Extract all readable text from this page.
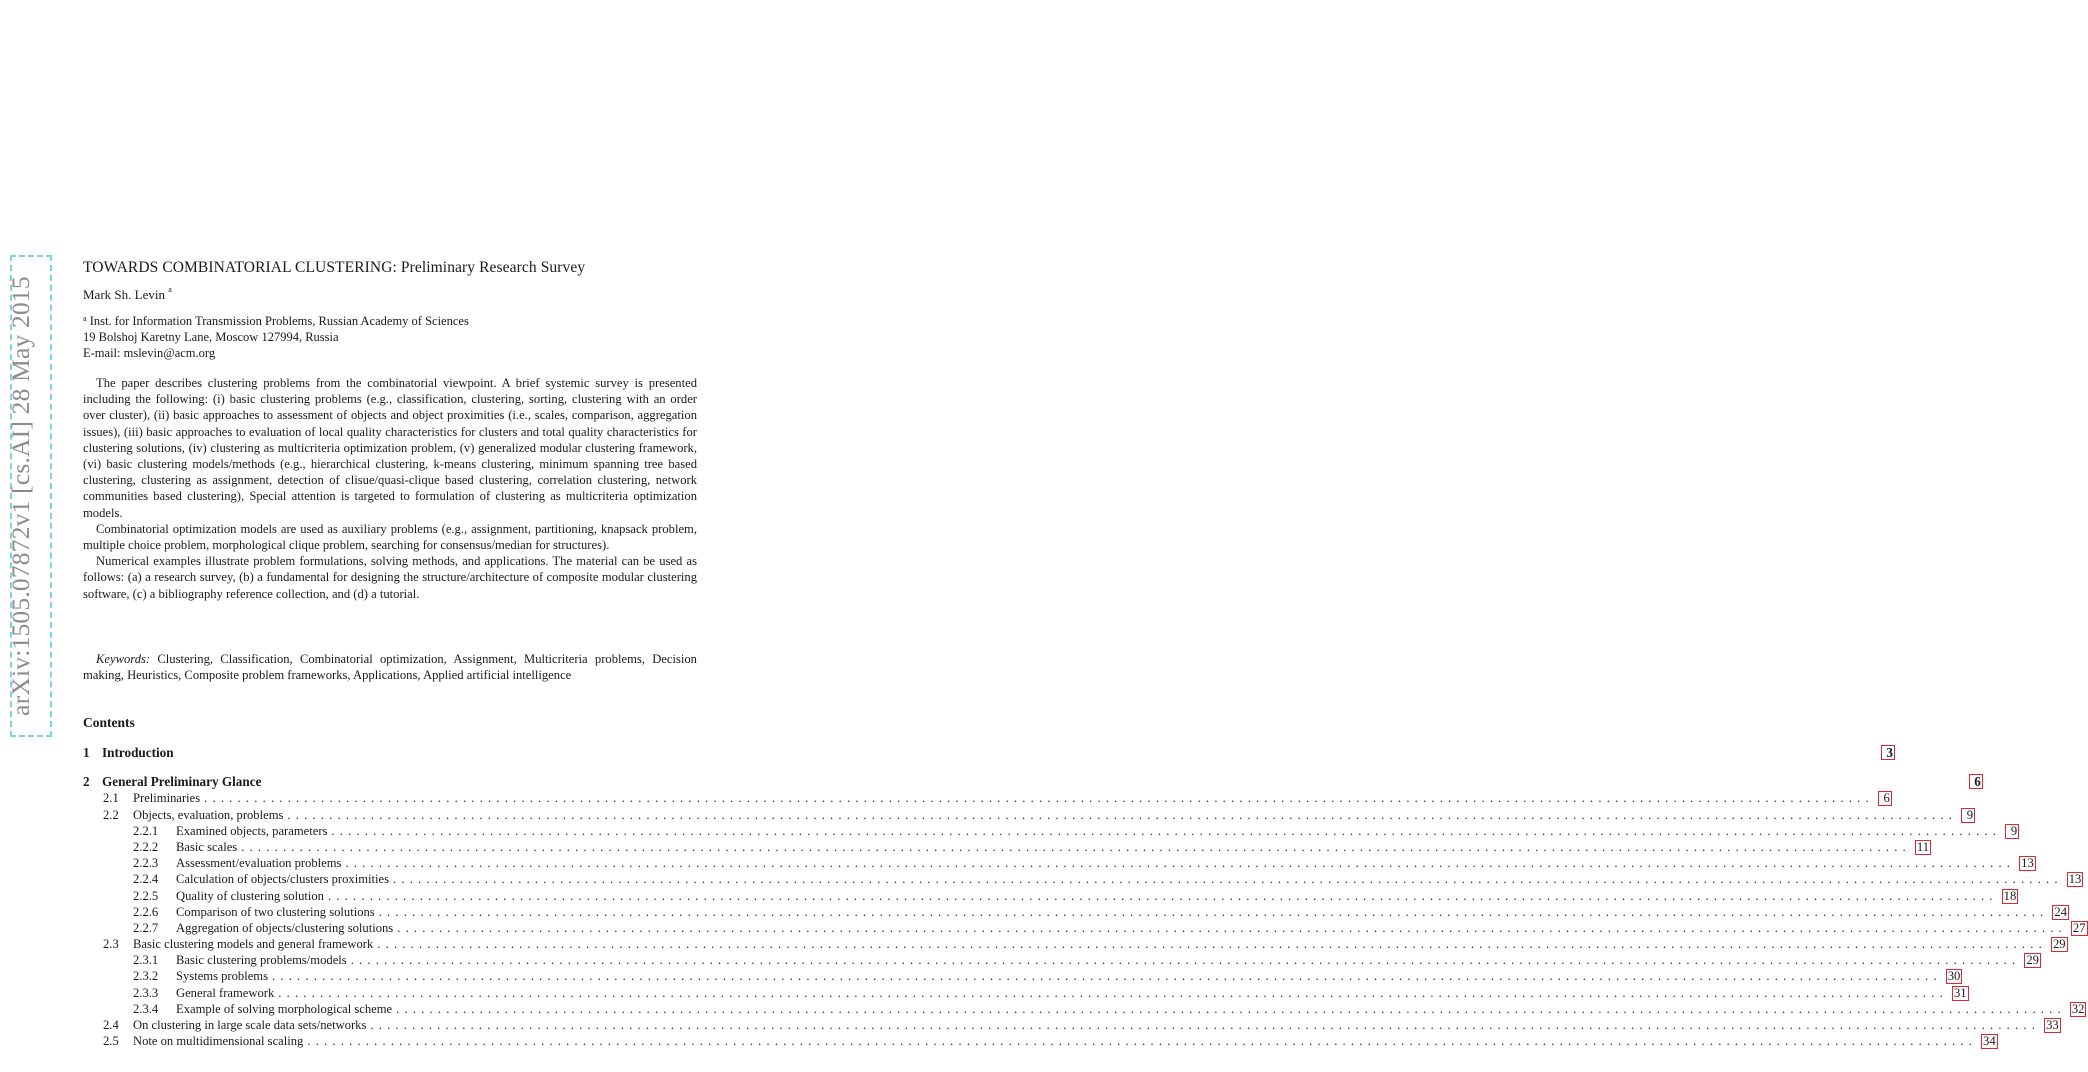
arXiv:1505.07872v1 [cs.AI] 28 May 2015
TOWARDS COMBINATORIAL CLUSTERING: Preliminary Research Survey
Mark Sh. Levin $^a$
$^a$ Inst. for Information Transmission Problems, Russian Academy of Sciences
19 Bolshoj Karetny Lane, Moscow 127994, Russia
E-mail: mslevin@acm.org

The paper describes clustering problems from the combinatorial viewpoint. A brief systemic survey is presented including the following: (i) basic clustering problems (e.g., classification, clustering, sorting, clustering with an order over cluster), (ii) basic approaches to assessment of objects and object proximities (i.e., scales, comparison, aggregation issues), (iii) basic approaches to evaluation of local quality characteristics for clusters and total quality characteristics for clustering solutions, (iv) clustering as multicriteria optimization problem, (v) generalized modular clustering framework, (vi) basic clustering models/methods (e.g., hierarchical clustering, k-means clustering, minimum spanning tree based clustering, clustering as assignment, detection of clisue/quasi-clique based clustering, correlation clustering, network communities based clustering), Special attention is targeted to formulation of clustering as multicriteria optimization models.

Combinatorial optimization models are used as auxiliary problems (e.g., assignment, partitioning, knapsack problem, multiple choice problem, morphological clique problem, searching for consensus/median for structures).

Numerical examples illustrate problem formulations, solving methods, and applications. The material can be used as follows: (a) a research survey, (b) a fundamental for designing the structure/architecture of composite modular clustering software, (c) a bibliography reference collection, and (d) a tutorial.

Keywords: Clustering, Classification, Combinatorial optimization, Assignment, Multicriteria problems, Decision making, Heuristics, Composite problem frameworks, Applications, Applied artificial intelligence
Contents
1 Introduction	3
2 General Preliminary Glance	6
2.1	Preliminaries ........................................................................................................................................................................................................ 6
2.2	Objects, evaluation, problems ........................................................................................................................................................................................................ 9
2.2.1	Examined objects, parameters ........................................................................................................................................................................................................ 9
2.2.2	Basic scales ........................................................................................................................................................................................................ 11
2.2.3	Assessment/evaluation problems ........................................................................................................................................................................................................ 13
2.2.4	Calculation of objects/clusters proximities ........................................................................................................................................................................................................ 13
2.2.5	Quality of clustering solution ........................................................................................................................................................................................................ 18
2.2.6	Comparison of two clustering solutions ........................................................................................................................................................................................................ 24
2.2.7	Aggregation of objects/clustering solutions ........................................................................................................................................................................................................ 27
2.3	Basic clustering models and general framework ........................................................................................................................................................................................................ 29
2.3.1	Basic clustering problems/models ........................................................................................................................................................................................................ 29
2.3.2	Systems problems ........................................................................................................................................................................................................ 30
2.3.3	General framework ........................................................................................................................................................................................................ 31
2.3.4	Example of solving morphological scheme ........................................................................................................................................................................................................ 32
2.4	On clustering in large scale data sets/networks ........................................................................................................................................................................................................ 33
2.5	Note on multidimensional scaling ........................................................................................................................................................................................................ 34
